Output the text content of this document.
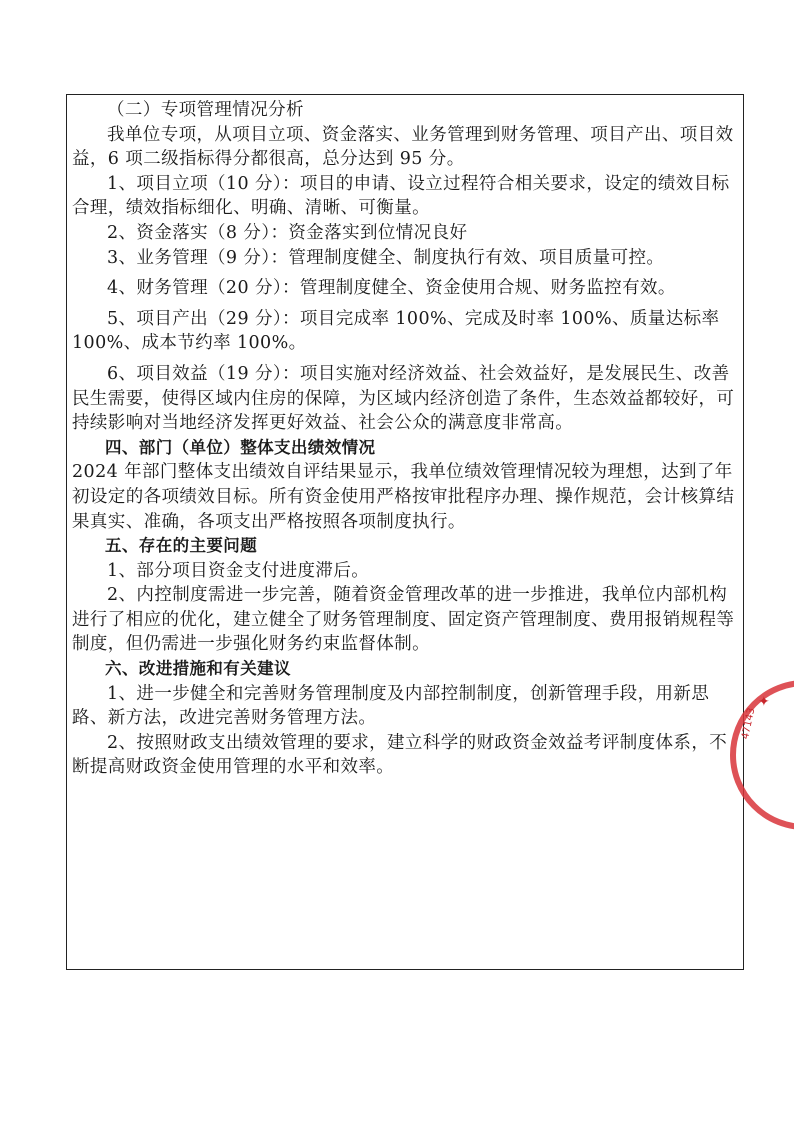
（二）专项管理情况分析

我单位专项，从项目立项、资金落实、业务管理到财务管理、项目产出、项目效益，6 项二级指标得分都很高，总分达到 95 分。

1、项目立项（10 分）：项目的申请、设立过程符合相关要求，设定的绩效目标合理，绩效指标细化、明确、清晰、可衡量。

2、资金落实（8 分）：资金落实到位情况良好

3、业务管理（9 分）：管理制度健全、制度执行有效、项目质量可控。

4、财务管理（20 分）：管理制度健全、资金使用合规、财务监控有效。

5、项目产出（29 分）：项目完成率 100%、完成及时率 100%、质量达标率 100%、成本节约率 100%。

6、项目效益（19 分）：项目实施对经济效益、社会效益好，是发展民生、改善民生需要，使得区域内住房的保障，为区域内经济创造了条件，生态效益都较好，可持续影响对当地经济发挥更好效益、社会公众的满意度非常高。

四、部门（单位）整体支出绩效情况

2024 年部门整体支出绩效自评结果显示，我单位绩效管理情况较为理想，达到了年初设定的各项绩效目标。所有资金使用严格按审批程序办理、操作规范，会计核算结果真实、准确，各项支出严格按照各项制度执行。

五、存在的主要问题

1、部分项目资金支付进度滞后。

2、内控制度需进一步完善，随着资金管理改革的进一步推进，我单位内部机构进行了相应的优化，建立健全了财务管理制度、固定资产管理制度、费用报销规程等制度，但仍需进一步强化财务约束监督体制。

六、改进措施和有关建议

1、进一步健全和完善财务管理制度及内部控制制度，创新管理手段，用新思路、新方法，改进完善财务管理方法。

2、按照财政支出绩效管理的要求，建立科学的财政资金效益考评制度体系，不断提高财政资金使用管理的水平和效率。

✦
47143
